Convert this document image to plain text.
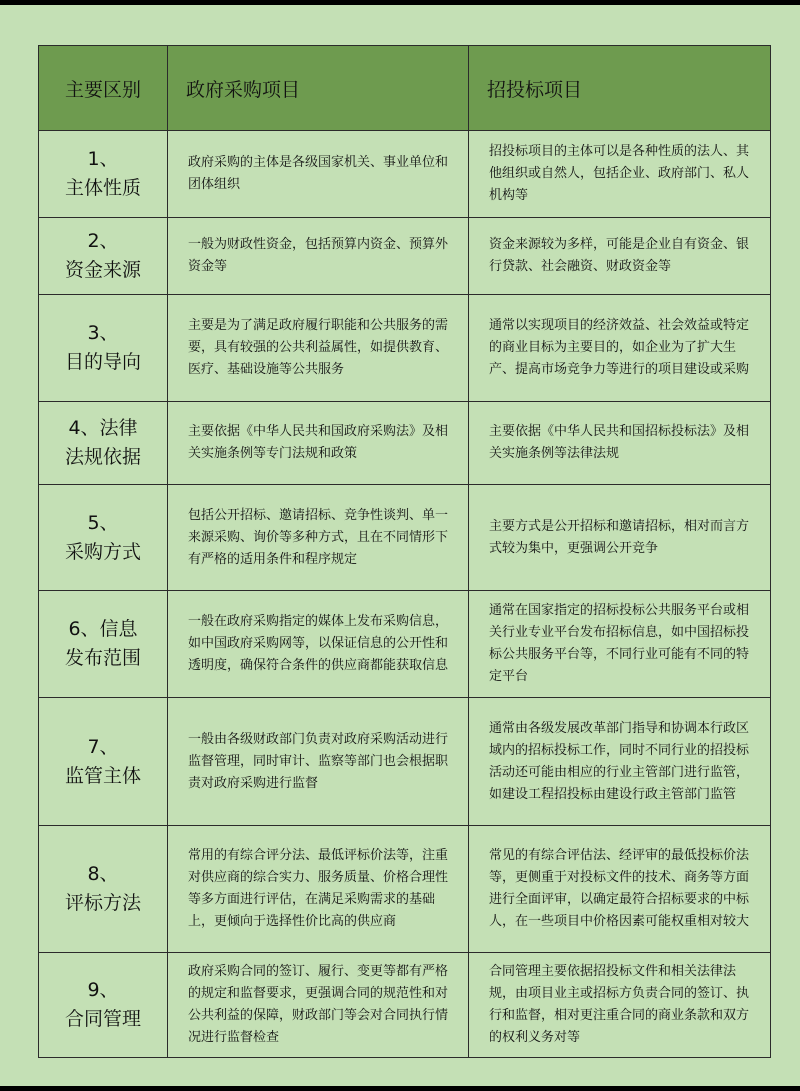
主要区别	政府采购项目	招投标项目

1、
主体性质	政府采购的主体是各级国家机关、事业单位和团体组织	招投标项目的主体可以是各种性质的法人、其他组织或自然人，包括企业、政府部门、私人机构等

2、
资金来源	一般为财政性资金，包括预算内资金、预算外资金等	资金来源较为多样，可能是企业自有资金、银行贷款、社会融资、财政资金等

3、
目的导向	主要是为了满足政府履行职能和公共服务的需要，具有较强的公共利益属性，如提供教育、医疗、基础设施等公共服务	通常以实现项目的经济效益、社会效益或特定的商业目标为主要目的，如企业为了扩大生产、提高市场竞争力等进行的项目建设或采购

4、法律
法规依据	主要依据《中华人民共和国政府采购法》及相关实施条例等专门法规和政策	主要依据《中华人民共和国招标投标法》及相关实施条例等法律法规

5、
采购方式	包括公开招标、邀请招标、竞争性谈判、单一来源采购、询价等多种方式，且在不同情形下有严格的适用条件和程序规定	主要方式是公开招标和邀请招标，相对而言方式较为集中，更强调公开竞争

6、信息
发布范围	一般在政府采购指定的媒体上发布采购信息，如中国政府采购网等，以保证信息的公开性和透明度，确保符合条件的供应商都能获取信息	通常在国家指定的招标投标公共服务平台或相关行业专业平台发布招标信息，如中国招标投标公共服务平台等，不同行业可能有不同的特定平台

7、
监管主体	一般由各级财政部门负责对政府采购活动进行监督管理，同时审计、监察等部门也会根据职责对政府采购进行监督	通常由各级发展改革部门指导和协调本行政区域内的招标投标工作，同时不同行业的招投标活动还可能由相应的行业主管部门进行监管，如建设工程招投标由建设行政主管部门监管

8、
评标方法	常用的有综合评分法、最低评标价法等，注重对供应商的综合实力、服务质量、价格合理性等多方面进行评估，在满足采购需求的基础上，更倾向于选择性价比高的供应商	常见的有综合评估法、经评审的最低投标价法等，更侧重于对投标文件的技术、商务等方面进行全面评审，以确定最符合招标要求的中标人，在一些项目中价格因素可能权重相对较大

9、
合同管理	政府采购合同的签订、履行、变更等都有严格的规定和监督要求，更强调合同的规范性和对公共利益的保障，财政部门等会对合同执行情况进行监督检查	合同管理主要依据招投标文件和相关法律法规，由项目业主或招标方负责合同的签订、执行和监督，相对更注重合同的商业条款和双方的权利义务对等
